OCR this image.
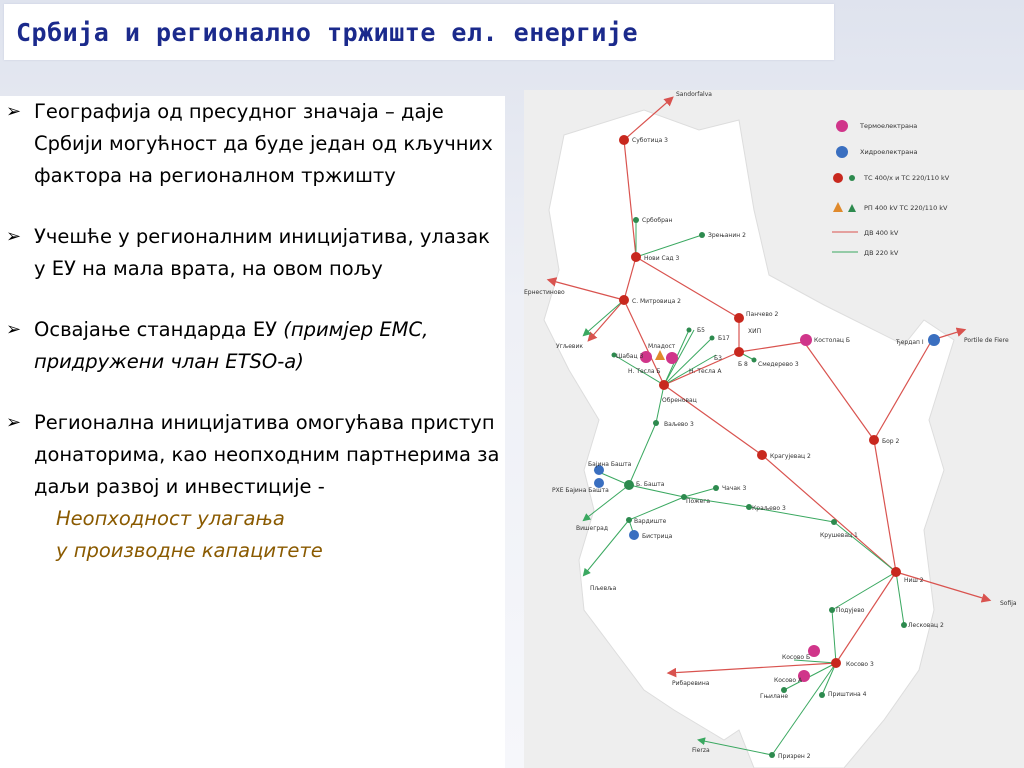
Србија и регионално тржиште ел. енергије
➢ Географија од пресудног значаја – даје Србији могућност да буде један од кључних фактора на регионалном тржишту
➢ Учешће у регионалним иницијатива, улазак у ЕУ на мала врата, на овом пољу
➢ Освајање стандарда ЕУ (примјер ЕМС, придружени члан ЕТSO-а)
➢ Регионална иницијатива омогућава приступ донаторима, као неопходним партнерима за даљи развој и инвестиције -
Неопходност улагања
у производне капацитете
Термоелектрана
Хидроелектрана
ТС 400/x и ТС 220/110 kV
РП 400 kV ТС 220/110 kV
ДВ 400 kV
ДВ 220 kV
Sandorfalva
Суботица 3
Србобран
Зрењанин 2
Нови Сад 3
Ернестиново
С. Митровица 2
Панчево 2
ХИП
Костолац Б	Ђердап I	Portile de Fiere
Угљевик
Шабац 3
Младост
Б5
Б17
Б3
Б 8 Смедерево 3
Н. Тесла Б	Н. Тесла А
Обреновац
Ваљево 3
Крагујевац 2
Бор 2
Бајина Башта
РХЕ Бајина Башта
Б. Башта
Чачак 3
Пожега
Краљево 3
Вишеград
Вардиште
Бистрица	Крушевац 1
Пљевља
Ниш 2
Sofija
Подујево
Лесковац 2
Косово Б
Косово А
Косово 3
Рибаревина
Гњилане	Приштина 4
Fierza
Призрен 2
